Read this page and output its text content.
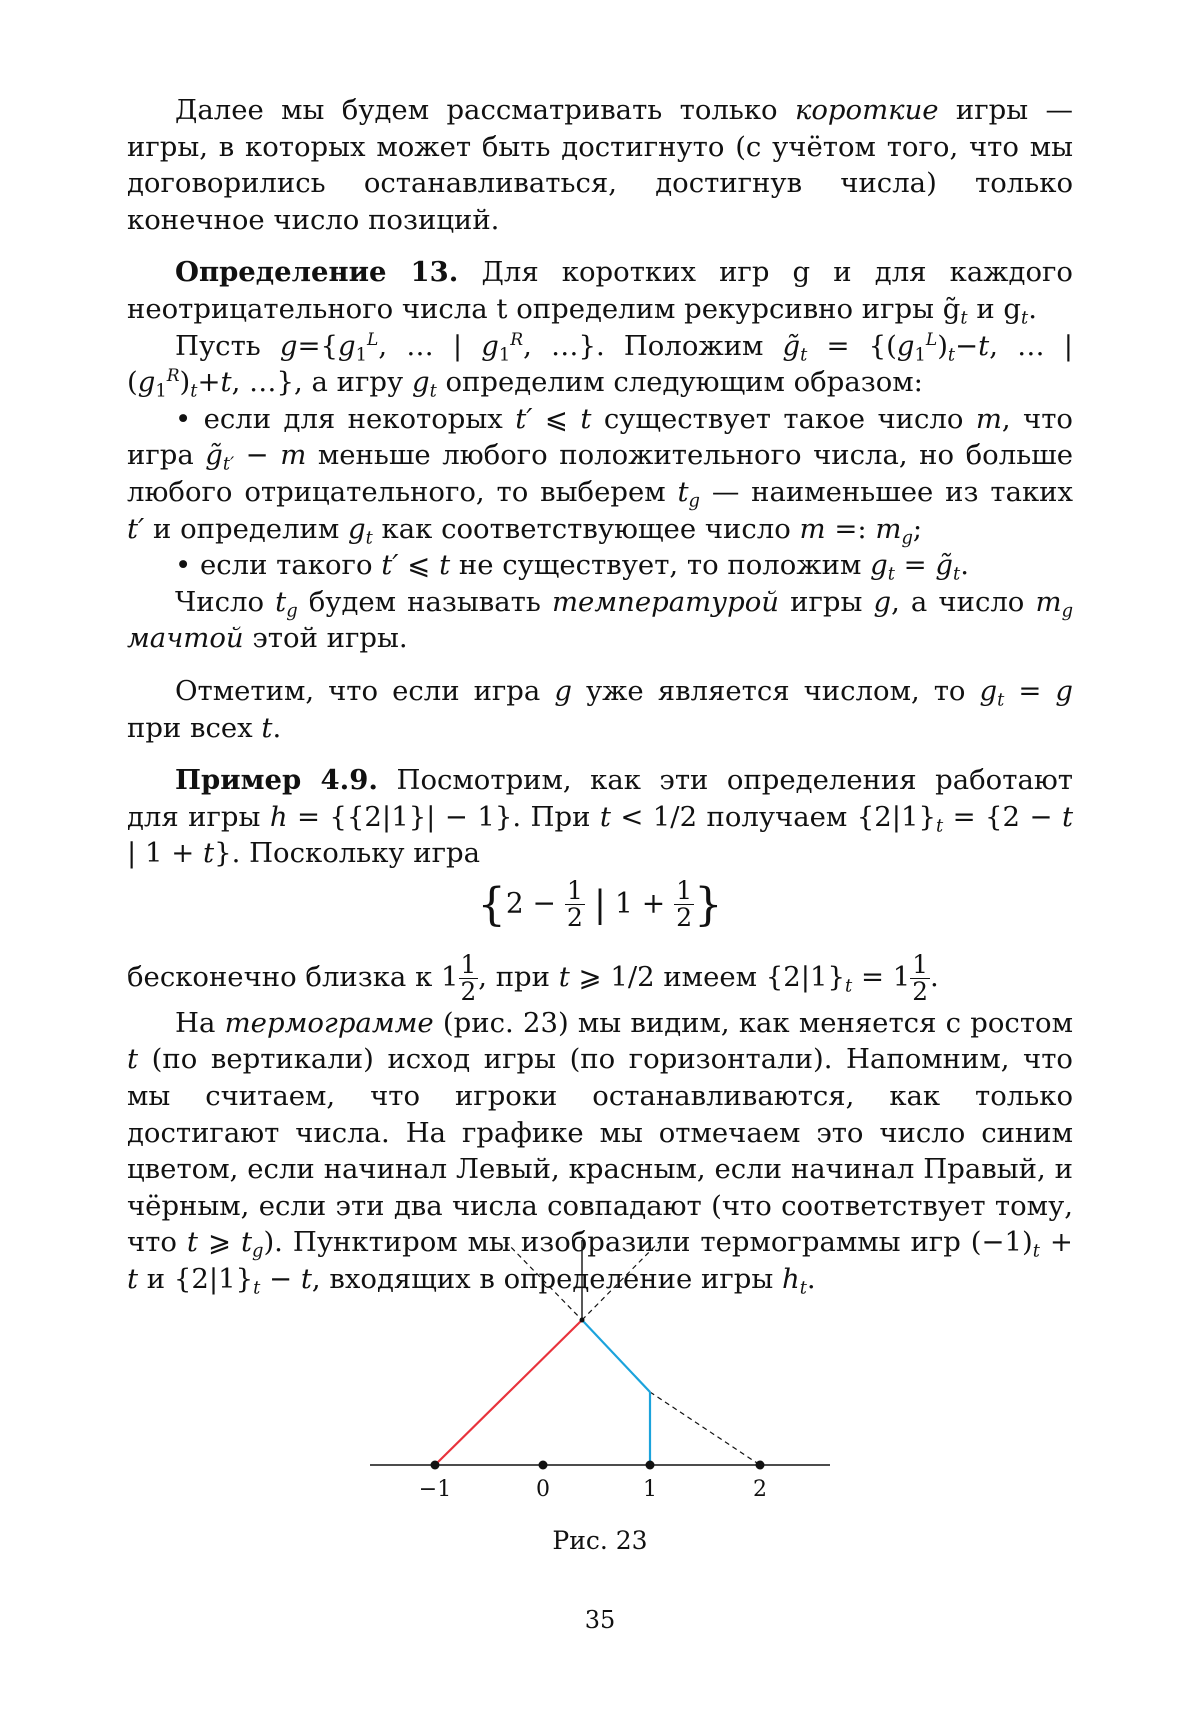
Далее мы будем рассматривать только короткие игры — игры, в которых может быть достигнуто (с учётом того, что мы договорились останавливаться, достигнув числа) только конечное число позиций.

Определение 13. Для коротких игр g и для каждого неотрицательного числа t определим рекурсивно игры $g̃_t$ и $g_t$.

Пусть $g=\{g_1^L$, … | $g_1^R$, …}. Положим $g̃_t = \{(g_1^L)_t-t$, … | $(g_1^R)_t+t$, …}, а игру $g_t$ определим следующим образом:

• если для некоторых t′ ⩽ t существует такое число m, что игра $g̃_{t'} - m$ меньше любого положительного числа, но больше любого отрицательного, то выберем $t_g$ — наименьшее из таких t′ и определим $g_t$ как соответствующее число m =: $m_g$;

• если такого t′ ⩽ t не существует, то положим $g_t$ = $g̃_t$.

Число $t_g$ будем называть температурой игры g, а число $m_g$ мачтой этой игры.

Отметим, что если игра g уже является числом, то $g_t = g$ при всех t.

Пример 4.9. Посмотрим, как эти определения работают для игры h = {{2|1}| − 1}. При t < 1/2 получаем $\{2|1\}_t = \{2 - t$ | 1 + t}. Поскольку игра

{$2 - \frac{1}{2}$ | $1 + \frac{1}{2}$ }

бесконечно близка к $1 \frac{1}{2}$ , при t ⩾ 1/2 имеем $\{2|1\}_t = 1 \frac{1}{2}$ .

На термограмме (рис. 23) мы видим, как меняется с ростом t (по вертикали) исход игры (по горизонтали). Напомним, что мы считаем, что игроки останавливаются, как только достигают числа. На графике мы отмечаем это число синим цветом, если начинал Левый, красным, если начинал Правый, и чёрным, если эти два числа совпадают (что соответствует тому, что t ⩾ $t_g$). Пунктиром мы изобразили термограммы игр $(-1)_t + t$ и $\{2|1\}_t - t$, входящих в определение игры $h_t$.

−1	0	1	2
Рис. 23
35
